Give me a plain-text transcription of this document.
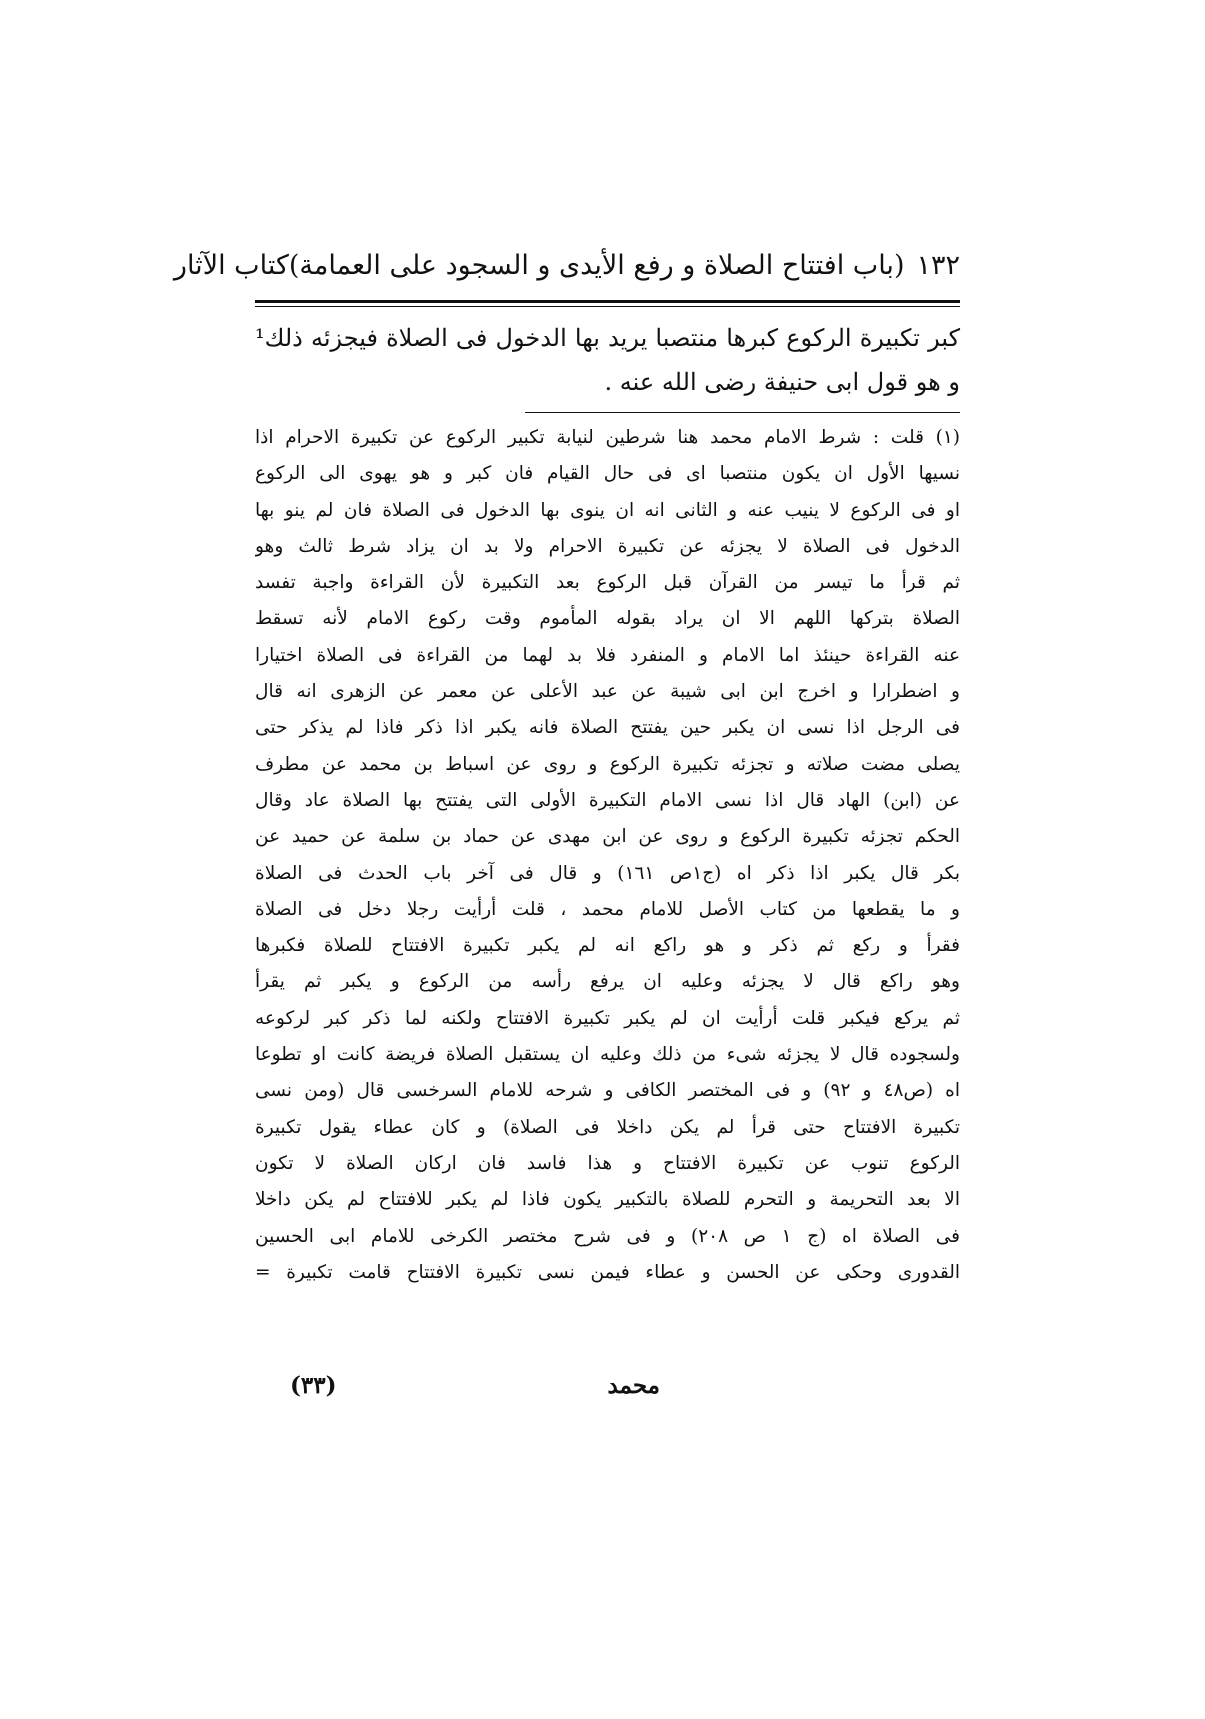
١٣٢
(باب افتتاح الصلاة و رفع الأيدى و السجود على العمامة)
كتاب الآثار
كبر تكبيرة الركوع كبرها منتصبا يريد بها الدخول فى الصلاة فيجزئه ذلك¹
و هو قول ابى حنيفة رضى الله عنه .
(١) قلت : شرط الامام محمد هنا شرطين لنيابة تكبير الركوع عن تكبيرة الاحرام اذا
نسيها الأول ان يكون منتصبا اى فى حال القيام فان كبر و هو يهوى الى الركوع
او فى الركوع لا ينيب عنه و الثانى انه ان ينوى بها الدخول فى الصلاة فان لم ينو بها
الدخول فى الصلاة لا يجزئه عن تكبيرة الاحرام ولا بد ان يزاد شرط ثالث وهو
ثم قرأ ما تيسر من القرآن قبل الركوع بعد التكبيرة لأن القراءة واجبة تفسد
الصلاة بتركها اللهم الا ان يراد بقوله المأموم وقت ركوع الامام لأنه تسقط
عنه القراءة حينئذ اما الامام و المنفرد فلا بد لهما من القراءة فى الصلاة اختيارا
و اضطرارا و اخرج ابن ابى شيبة عن عبد الأعلى عن معمر عن الزهرى انه قال
فى الرجل اذا نسى ان يكبر حين يفتتح الصلاة فانه يكبر اذا ذكر فاذا لم يذكر حتى
يصلى مضت صلاته و تجزئه تكبيرة الركوع و روى عن اسباط بن محمد عن مطرف
عن (ابن) الهاد قال اذا نسى الامام التكبيرة الأولى التى يفتتح بها الصلاة عاد وقال
الحكم تجزئه تكبيرة الركوع و روى عن ابن مهدى عن حماد بن سلمة عن حميد عن
بكر قال يكبر اذا ذكر اه (ج١ص ١٦١) و قال فى آخر باب الحدث فى الصلاة
و ما يقطعها من كتاب الأصل للامام محمد ، قلت أرأيت رجلا دخل فى الصلاة
فقرأ و ركع ثم ذكر و هو راكع انه لم يكبر تكبيرة الافتتاح للصلاة فكبرها
وهو راكع قال لا يجزئه وعليه ان يرفع رأسه من الركوع و يكبر ثم يقرأ
ثم يركع فيكبر قلت أرأيت ان لم يكبر تكبيرة الافتتاح ولكنه لما ذكر كبر لركوعه
ولسجوده قال لا يجزئه شىء من ذلك وعليه ان يستقبل الصلاة فريضة كانت او تطوعا
اه (ص٤٨ و ٩٢) و فى المختصر الكافى و شرحه للامام السرخسى قال (ومن نسى
تكبيرة الافتتاح حتى قرأ لم يكن داخلا فى الصلاة) و كان عطاء يقول تكبيرة
الركوع تنوب عن تكبيرة الافتتاح و هذا فاسد فان اركان الصلاة لا تكون
الا بعد التحريمة و التحرم للصلاة بالتكبير يكون فاذا لم يكبر للافتتاح لم يكن داخلا
فى الصلاة اه (ج ١ ص ٢٠٨) و فى شرح مختصر الكرخى للامام ابى الحسين
القدورى وحكى عن الحسن و عطاء فيمن نسى تكبيرة الافتتاح قامت تكبيرة =
محمد
(٣٣)
